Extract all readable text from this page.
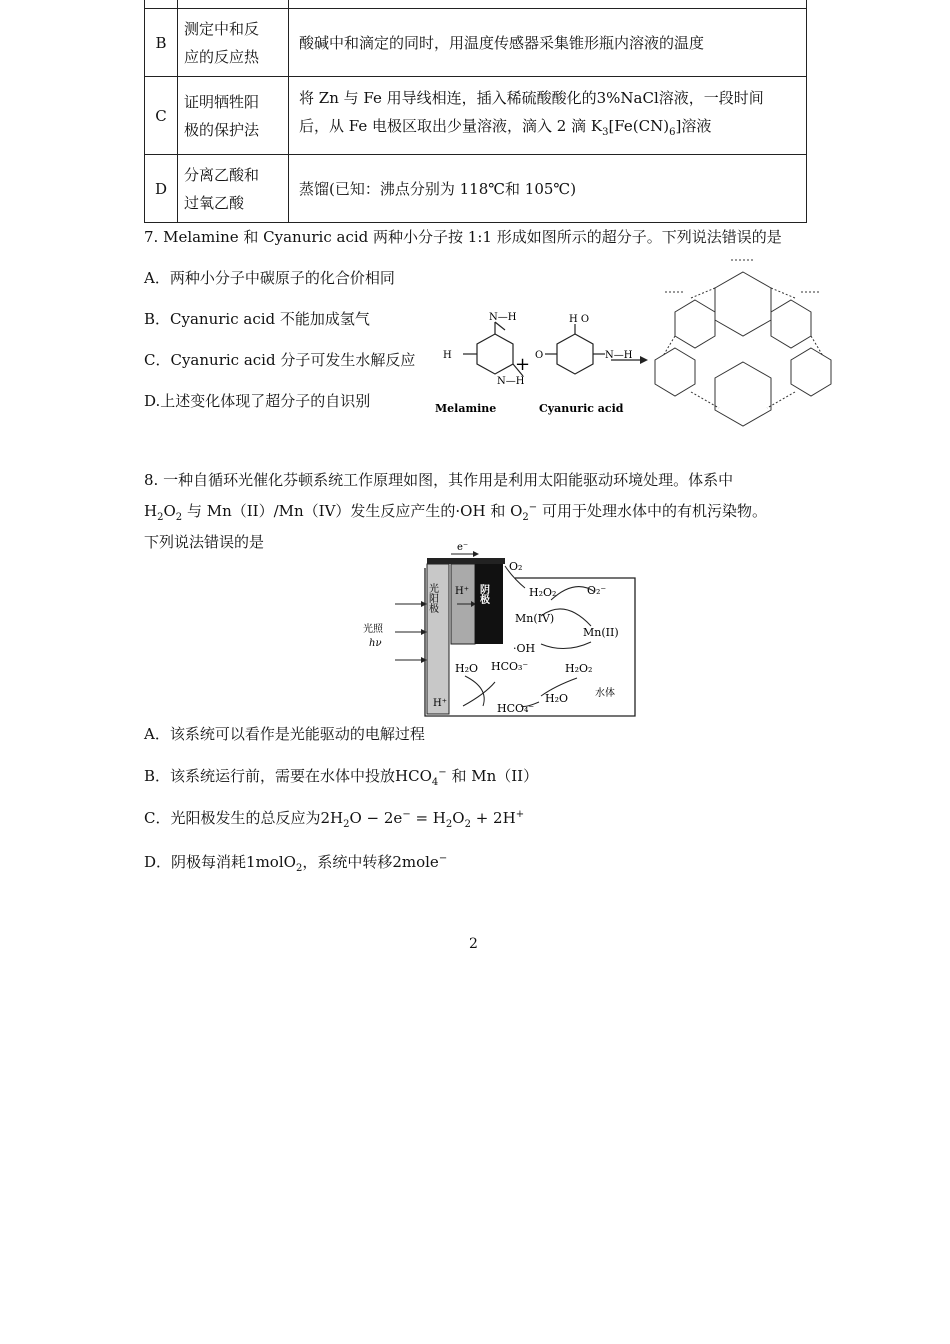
B	测定中和反
应的反应热	酸碱中和滴定的同时，用温度传感器采集锥形瓶内溶液的温度
C	证明牺牲阳
极的保护法	将 Zn 与 Fe 用导线相连，插入稀硫酸酸化的3%NaCl溶液，一段时间
后，从 Fe 电极区取出少量溶液，滴入 2 滴 $K_3[Fe(CN)_6]$溶液
D	分离乙酸和
过氧乙酸	蒸馏(已知：沸点分别为 118℃和 105℃)
7. Melamine 和 Cyanuric acid 两种小分子按 1:1 形成如图所示的超分子。下列说法错误的是
A．两种小分子中碳原子的化合价相同
B．Cyanuric acid 不能加成氢气
C．Cyanuric acid 分子可发生水解反应
D.上述变化体现了超分子的自识别
N—H
N—H
H
Melamine
+
H O
O	N—H
Cyanuric acid
8. 一种自循环光催化芬顿系统工作原理如图，其作用是利用太阳能驱动环境处理。体系中
$H_2O_2$ 与 Mn（II）/Mn（IV）发生反应产生的·OH 和 $O_2^-$ 可用于处理水体中的有机污染物。
下列说法错误的是	e⁻
光阳极 H⁺ 阴极
光照
hν
O₂
H₂O₂	O₂⁻
Mn(IV)
Mn(II)
·OH
H₂O HCO₃⁻	H₂O₂
H₂O
HCO₄⁻
H⁺
水体
A．该系统可以看作是光能驱动的电解过程
B．该系统运行前，需要在水体中投放$HCO_4^-$ 和 Mn（II）
C．光阳极发生的总反应为$2H_2O - 2e^- = H_2O_2 + 2H^+$
D．阴极每消耗1molO$_2$，系统中转移2mole−
2
